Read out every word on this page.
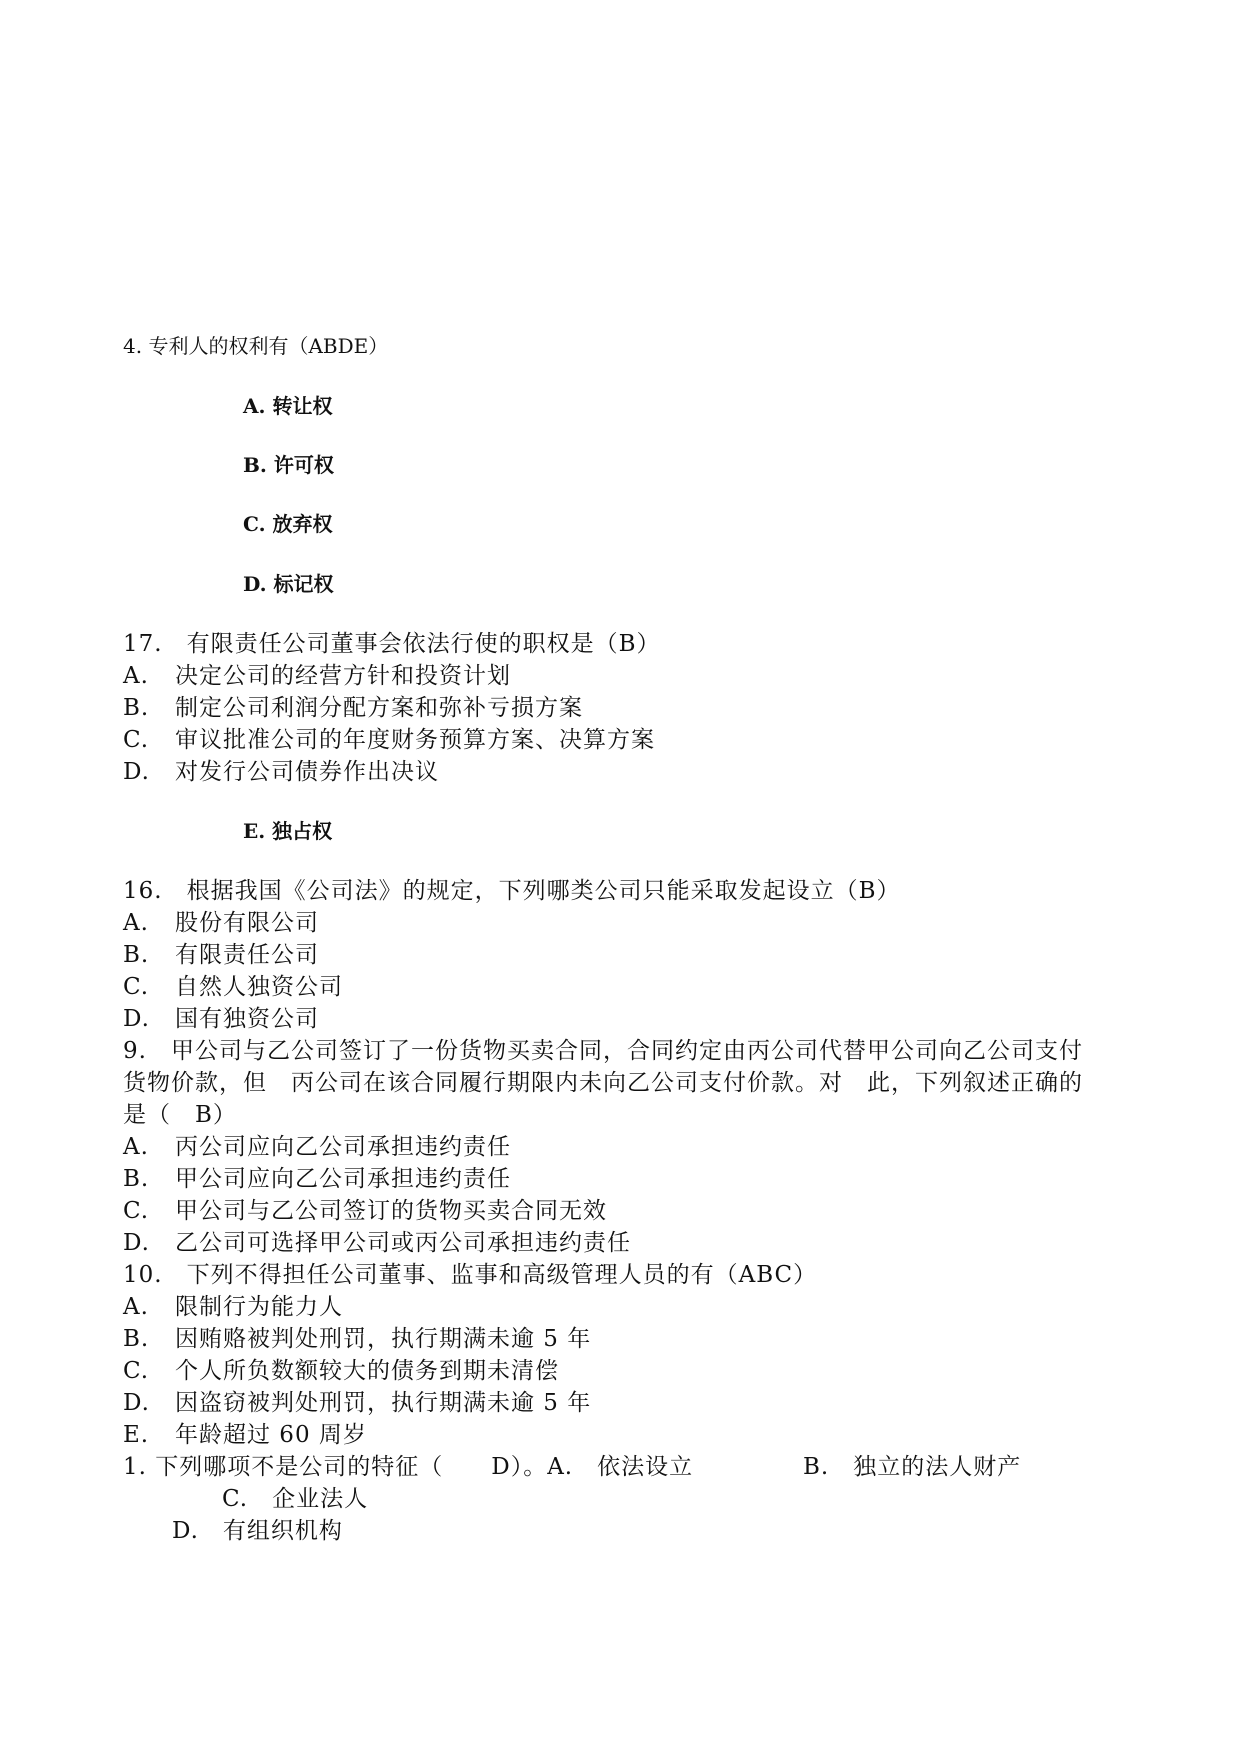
4. 专利人的权利有（ABDE）
A. 转让权
B. 许可权
C. 放弃权
D. 标记权
17.　有限责任公司董事会依法行使的职权是（B）
A. 决定公司的经营方针和投资计划
B. 制定公司利润分配方案和弥补亏损方案
C. 审议批准公司的年度财务预算方案、决算方案
D. 对发行公司债券作出决议
E. 独占权
16.　根据我国《公司法》的规定，下列哪类公司只能采取发起设立（B）
A. 股份有限公司
B. 有限责任公司
C. 自然人独资公司
D. 国有独资公司
9.　甲公司与乙公司签订了一份货物买卖合同，合同约定由丙公司代替甲公司向乙公司支付
货物价款，但　丙公司在该合同履行期限内未向乙公司支付价款。对　此，下列叙述正确的
是（　B）
A. 丙公司应向乙公司承担违约责任
B. 甲公司应向乙公司承担违约责任
C. 甲公司与乙公司签订的货物买卖合同无效
D. 乙公司可选择甲公司或丙公司承担违约责任
10.　下列不得担任公司董事、监事和高级管理人员的有（ABC）
A. 限制行为能力人
B. 因贿赂被判处刑罚，执行期满未逾 5 年
C. 个人所负数额较大的债务到期未清偿
D. 因盗窃被判处刑罚，执行期满未逾 5 年
E. 年龄超过 60 周岁
1. 下列哪项不是公司的特征（　　D）。A.　依法设立	B.　独立的法人财产
C.　企业法人
D.　有组织机构
